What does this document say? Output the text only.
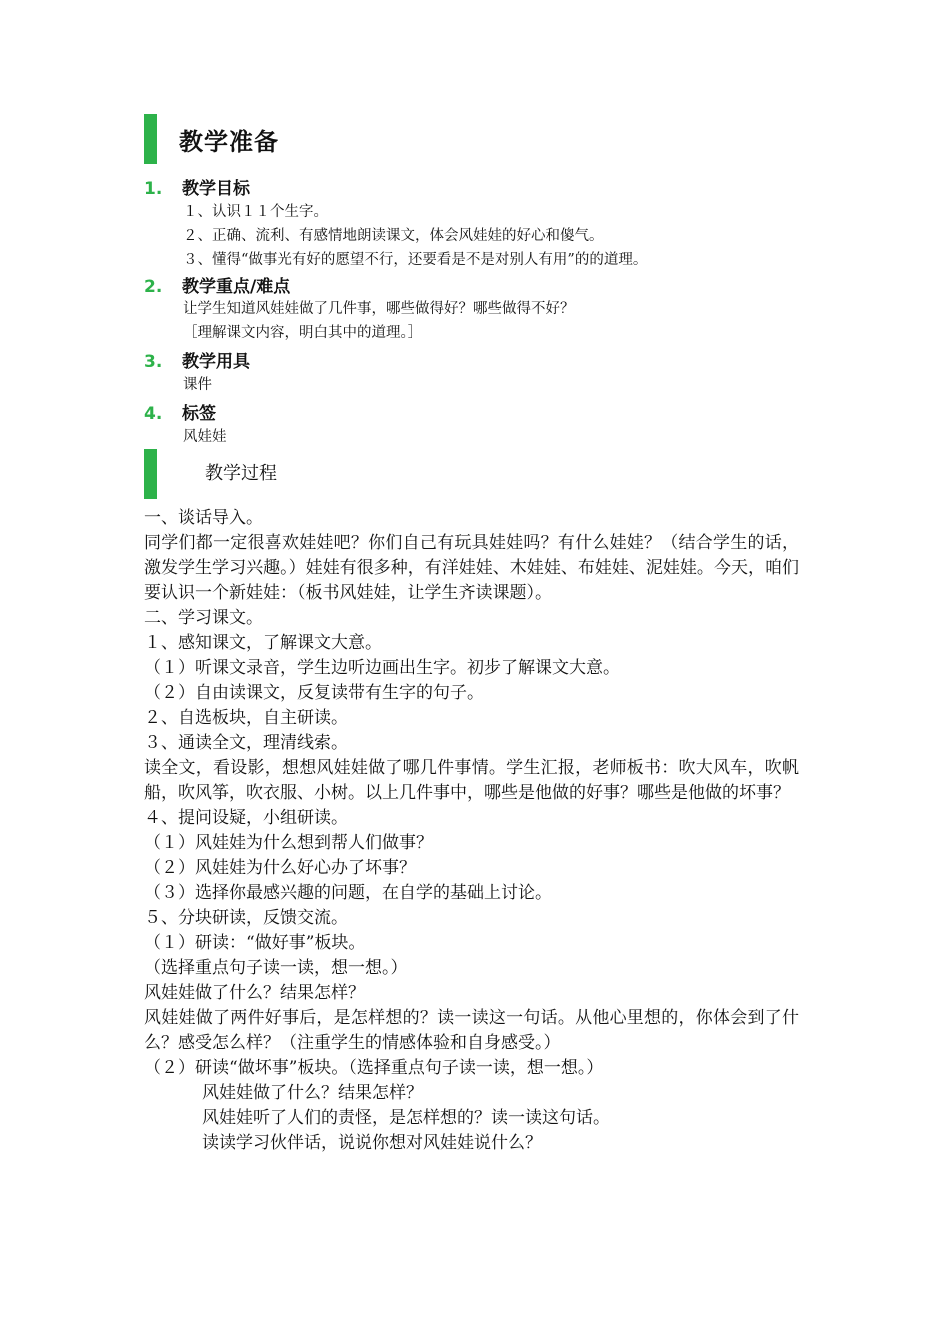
教学准备
1.	教学目标
１、认识１１个生字。
２、正确、流利、有感情地朗读课文，体会风娃娃的好心和傻气。
３、懂得“做事光有好的愿望不行，还要看是不是对别人有用”的的道理。
2.	教学重点/难点
让学生知道风娃娃做了几件事，哪些做得好？哪些做得不好？
［理解课文内容，明白其中的道理。］
3.	教学用具
课件
4.	标签
风娃娃
教学过程

一、谈话导入。

同学们都一定很喜欢娃娃吧？你们自己有玩具娃娃吗？有什么娃娃？（结合学生的话，激发学生学习兴趣。）娃娃有很多种，有洋娃娃、木娃娃、布娃娃、泥娃娃。今天，咱们要认识一个新娃娃：（板书风娃娃，让学生齐读课题）。

二、学习课文。

１、感知课文，了解课文大意。

（１）听课文录音，学生边听边画出生字。初步了解课文大意。

（２）自由读课文，反复读带有生字的句子。

２、自选板块，自主研读。

３、通读全文，理清线索。

读全文，看设影，想想风娃娃做了哪几件事情。学生汇报，老师板书：吹大风车，吹帆船，吹风筝，吹衣服、小树。以上几件事中，哪些是他做的好事？哪些是他做的坏事？

４、提问设疑，小组研读。

（１）风娃娃为什么想到帮人们做事？

（２）风娃娃为什么好心办了坏事？

（３）选择你最感兴趣的问题，在自学的基础上讨论。

５、分块研读，反馈交流。

（１）研读：“做好事”板块。

（选择重点句子读一读，想一想。）

风娃娃做了什么？结果怎样？

风娃娃做了两件好事后，是怎样想的？读一读这一句话。从他心里想的，你体会到了什么？感受怎么样？（注重学生的情感体验和自身感受。）

（２）研读“做坏事”板块。（选择重点句子读一读，想一想。）

风娃娃做了什么？结果怎样？

风娃娃听了人们的责怪，是怎样想的？读一读这句话。

读读学习伙伴话，说说你想对风娃娃说什么？
